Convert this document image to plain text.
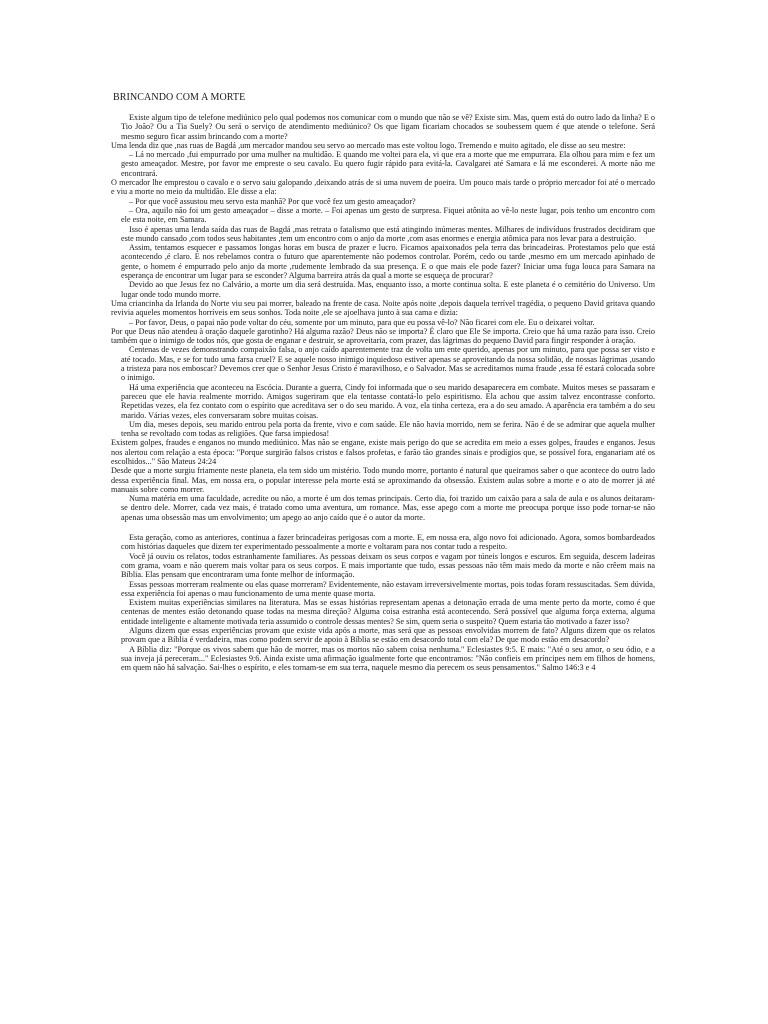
BRINCANDO COM A MORTE

Existe algum tipo de telefone mediúnico pelo qual podemos nos comunicar com o mundo que não se vê? Existe sim. Mas, quem está do outro lado da linha? E o Tio João? Ou a Tia Suely? Ou será o serviço de atendimento mediúnico? Os que ligam ficariam chocados se soubessem quem é que atende o telefone. Será mesmo seguro ficar assim brincando com a morte?

Uma lenda diz que ,nas ruas de Bagdá ,um mercador mandou seu servo ao mercado mas este voltou logo. Tremendo e muito agitado, ele disse ao seu mestre:

– Lá no mercado ,fui empurrado por uma mulher na multidão. E quando me voltei para ela, vi que era a morte que me empurrara. Ela olhou para mim e fez um gesto ameaçador. Mestre, por favor me empreste o seu cavalo. Eu quero fugir rápido para evitá-la. Cavalgarei até Samara e lá me esconderei. A morte não me encontrará.

O mercador lhe emprestou o cavalo e o servo saiu galopando ,deixando atrás de si uma nuvem de poeira. Um pouco mais tarde o próprio mercador foi até o mercado e viu a morte no meio da multidão. Ele disse a ela:

– Por que você assustou meu servo esta manhã? Por que você fez um gesto ameaçador?

– Ora, aquilo não foi um gesto ameaçador – disse a morte. – Foi apenas um gesto de surpresa. Fiquei atônita ao vê-lo neste lugar, pois tenho um encontro com ele esta noite, em Samara.

Isso é apenas uma lenda saída das ruas de Bagdá ,mas retrata o fatalismo que está atingindo inúmeras mentes. Milhares de indivíduos frustrados decidiram que este mundo cansado ,com todos seus habitantes ,tem um encontro com o anjo da morte ,com asas enormes e energia atômica para nos levar para a destruição.

Assim, tentamos esquecer e passamos longas horas em busca de prazer e lucro. Ficamos apaixonados pela terra das brincadeiras. Protestamos pelo que está acontecendo ,é claro. E nos rebelamos contra o futuro que aparentemente não podemos controlar. Porém, cedo ou tarde ,mesmo em um mercado apinhado de gente, o homem é empurrado pelo anjo da morte ,rudemente lembrado da sua presença. E o que mais ele pode fazer? Iniciar uma fuga louca para Samara na esperança de encontrar um lugar para se esconder? Alguma barreira atrás da qual a morte se esqueça de procurar?

Devido ao que Jesus fez no Calvário, a morte um dia será destruída. Mas, enquanto isso, a morte continua solta. E este planeta é o cemitério do Universo. Um lugar onde todo mundo morre.

Uma criancinha da Irlanda do Norte viu seu pai morrer, baleado na frente de casa. Noite após noite ,depois daquela terrível tragédia, o pequeno David gritava quando revivia aqueles momentos horríveis em seus sonhos. Toda noite ,ele se ajoelhava junto à sua cama e dizia:

– Por favor, Deus, o papai não pode voltar do céu, somente por um minuto, para que eu possa vê-lo? Não ficarei com ele. Eu o deixarei voltar.

Por que Deus não atendeu à oração daquele garotinho? Há alguma razão? Deus não se importa? É claro que Ele Se importa. Creio que há uma razão para isso. Creio também que o inimigo de todos nós, que gosta de enganar e destruir, se aproveitaria, com prazer, das lágrimas do pequeno David para fingir responder à oração.

Centenas de vezes demonstrando compaixão falsa, o anjo caído aparentemente traz de volta um ente querido, apenas por um minuto, para que possa ser visto e até tocado. Mas, e se for tudo uma farsa cruel? E se aquele nosso inimigo inquiedoso estiver apenas se aproveitando da nossa solidão, de nossas lágrimas ,usando a tristeza para nos emboscar? Devemos crer que o Senhor Jesus Cristo é maravilhoso, e o Salvador. Mas se acreditamos numa fraude ,essa fé estará colocada sobre o inimigo.

Há uma experiência que aconteceu na Escócia. Durante a guerra, Cindy foi informada que o seu marido desaparecera em combate. Muitos meses se passaram e pareceu que ele havia realmente morrido. Amigos sugeriram que ela tentasse contatá-lo pelo espiritismo. Ela achou que assim talvez encontrasse conforto. Repetidas vezes, ela fez contato com o espírito que acreditava ser o do seu marido. A voz, ela tinha certeza, era a do seu amado. A aparência era também a do seu marido. Várias vezes, eles conversaram sobre muitas coisas.

Um dia, meses depois, seu marido entrou pela porta da frente, vivo e com saúde. Ele não havia morrido, nem se ferira. Não é de se admirar que aquela mulher tenha se revoltado com todas as religiões. Que farsa impiedosa!

Existem golpes, fraudes e enganos no mundo mediúnico. Mas não se engane, existe mais perigo do que se acredita em meio a esses golpes, fraudes e enganos. Jesus nos alertou com relação a esta época: "Porque surgirão falsos cristos e falsos profetas, e farão tão grandes sinais e prodígios que, se possível fora, enganariam até os escolhidos..." São Mateus 24:24

Desde que a morte surgiu friamente neste planeta, ela tem sido um mistério. Todo mundo morre, portanto é natural que queiramos saber o que acontece do outro lado dessa experiência final. Mas, em nossa era, o popular interesse pela morte está se aproximando da obsessão. Existem aulas sobre a morte e o ato de morrer já até manuais sobre como morrer.

Numa matéria em uma faculdade, acredite ou não, a morte é um dos temas principais. Certo dia, foi trazido um caixão para a sala de aula e os alunos deitaram-se dentro dele. Morrer, cada vez mais, é tratado como uma aventura, um romance. Mas, esse apego com a morte me preocupa porque isso pode tornar-se não apenas uma obsessão mas um envolvimento; um apego ao anjo caído que é o autor da morte.

Esta geração, como as anteriores, continua a fazer brincadeiras perigosas com a morte. E, em nossa era, algo novo foi adicionado. Agora, somos bombardeados com histórias daqueles que dizem ter experimentado pessoalmente a morte e voltaram para nos contar tudo a respeito.

Você já ouviu os relatos, todos estranhamente familiares. As pessoas deixam os seus corpos e vagam por túneis longos e escuros. Em seguida, descem ladeiras com grama, voam e não querem mais voltar para os seus corpos. E mais importante que tudo, essas pessoas não têm mais medo da morte e não crêem mais na Bíblia. Elas pensam que encontraram uma fonte melhor de informação.

Essas pessoas morreram realmente ou elas quase morreram? Evidentemente, não estavam irreversivelmente mortas, pois todas foram ressuscitadas. Sem dúvida, essa experiência foi apenas o mau funcionamento de uma mente quase morta.

Existem muitas experiências similares na literatura. Mas se essas histórias representam apenas a detonação errada de uma mente perto da morte, como é que centenas de mentes estão detonando quase todas na mesma direção? Alguma coisa estranha está acontecendo. Será possível que alguma força externa, alguma entidade inteligente e altamente motivada teria assumido o controle dessas mentes? Se sim, quem seria o suspeito? Quem estaria tão motivado a fazer isso?

Alguns dizem que essas experiências provam que existe vida após a morte, mas será que as pessoas envolvidas morrem de fato? Alguns dizem que os relatos provam que a Bíblia é verdadeira, mas como podem servir de apoio à Bíblia se estão em desacordo total com ela? De que modo estão em desacordo?

A Bíblia diz: "Porque os vivos sabem que hão de morrer, mas os mortos não sabem coisa nenhuma." Eclesiastes 9:5. E mais: "Até o seu amor, o seu ódio, e a sua inveja já pereceram..." Eclesiastes 9:6. Ainda existe uma afirmação igualmente forte que encontramos: "Não confieis em príncipes nem em filhos de homens, em quem não há salvação. Sai-lhes o espírito, e eles tornam-se em sua terra, naquele mesmo dia perecem os seus pensamentos." Salmo 146:3 e 4
